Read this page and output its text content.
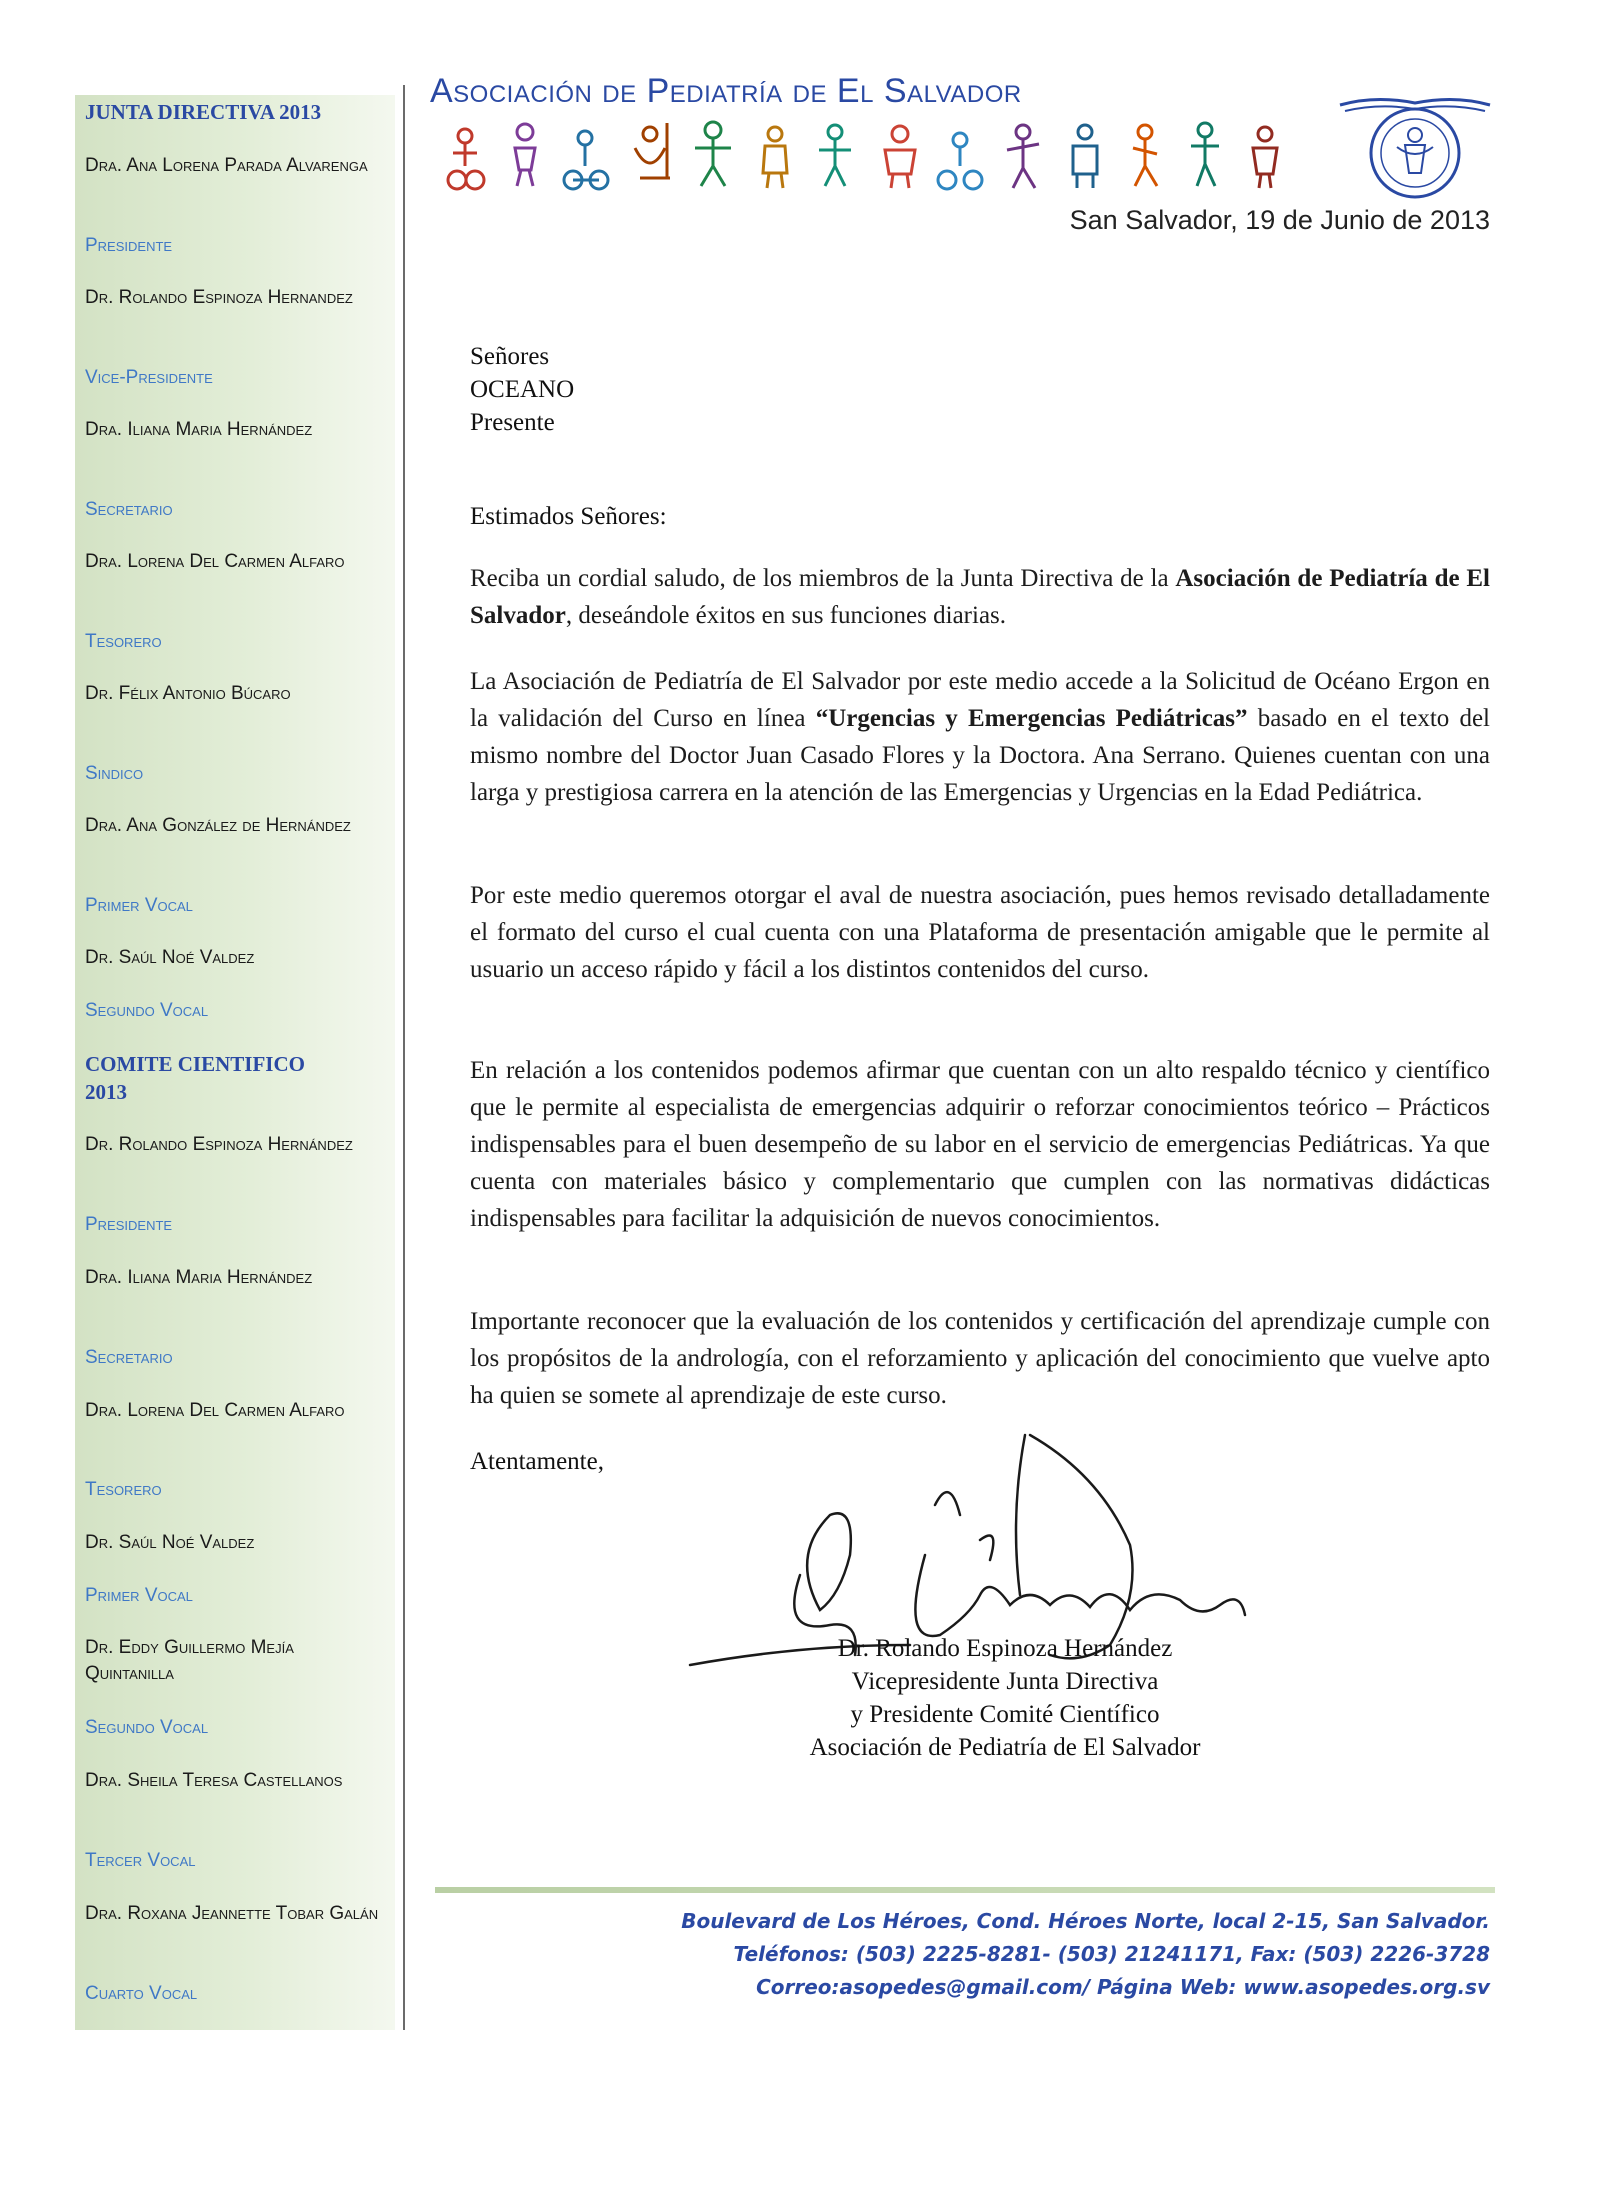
JUNTA DIRECTIVA 2013
Dra. Ana Lorena Parada Alvarenga
Presidente
Dr. Rolando Espinoza Hernandez
Vice-Presidente
Dra. Iliana Maria Hernández
Secretario
Dra. Lorena Del Carmen Alfaro
Tesorero
Dr. Félix Antonio Búcaro
Sindico
Dra. Ana González de Hernández
Primer Vocal
Dr. Saúl Noé Valdez
Segundo Vocal
COMITE CIENTIFICO 2013
Dr. Rolando Espinoza Hernández
Presidente
Dra. Iliana Maria Hernández
Secretario
Dra. Lorena Del Carmen Alfaro
Tesorero
Dr. Saúl Noé Valdez
Primer Vocal
Dr. Eddy Guillermo Mejía Quintanilla
Segundo Vocal
Dra. Sheila Teresa Castellanos
Tercer Vocal
Dra. Roxana Jeannette Tobar Galán
Cuarto Vocal
Asociación de Pediatría de El Salvador
San Salvador, 19 de Junio de 2013
Señores
OCEANO
Presente
Estimados Señores:
Reciba un cordial saludo, de los miembros de la Junta Directiva de la Asociación de Pediatría de El Salvador, deseándole éxitos en sus funciones diarias.
La Asociación de Pediatría de El Salvador por este medio accede a la Solicitud de Océano Ergon en la validación del Curso en línea “Urgencias y Emergencias Pediátricas” basado en el texto del mismo nombre del Doctor Juan Casado Flores y la Doctora. Ana Serrano. Quienes cuentan con una larga y prestigiosa carrera en la atención de las Emergencias y Urgencias en la Edad Pediátrica.
Por este medio queremos otorgar el aval de nuestra asociación, pues hemos revisado detalladamente el formato del curso el cual cuenta con una Plataforma de presentación amigable que le permite al usuario un acceso rápido y fácil a los distintos contenidos del curso.
En relación a los contenidos podemos afirmar que cuentan con un alto respaldo técnico y científico que le permite al especialista de emergencias adquirir o reforzar conocimientos teórico – Prácticos indispensables para el buen desempeño de su labor en el servicio de emergencias Pediátricas. Ya que cuenta con materiales básico y complementario que cumplen con las normativas didácticas indispensables para facilitar la adquisición de nuevos conocimientos.
Importante reconocer que la evaluación de los contenidos y certificación del aprendizaje cumple con los propósitos de la andrología, con el reforzamiento y aplicación del conocimiento que vuelve apto ha quien se somete al aprendizaje de este curso.
Atentamente,
Dr. Rolando Espinoza Hernández
Vicepresidente Junta Directiva
y Presidente Comité Científico
Asociación de Pediatría de El Salvador
Boulevard de Los Héroes, Cond. Héroes Norte, local 2-15, San Salvador.
Teléfonos: (503) 2225-8281- (503) 21241171, Fax: (503) 2226-3728
Correo:asopedes@gmail.com/ Página Web: www.asopedes.org.sv
